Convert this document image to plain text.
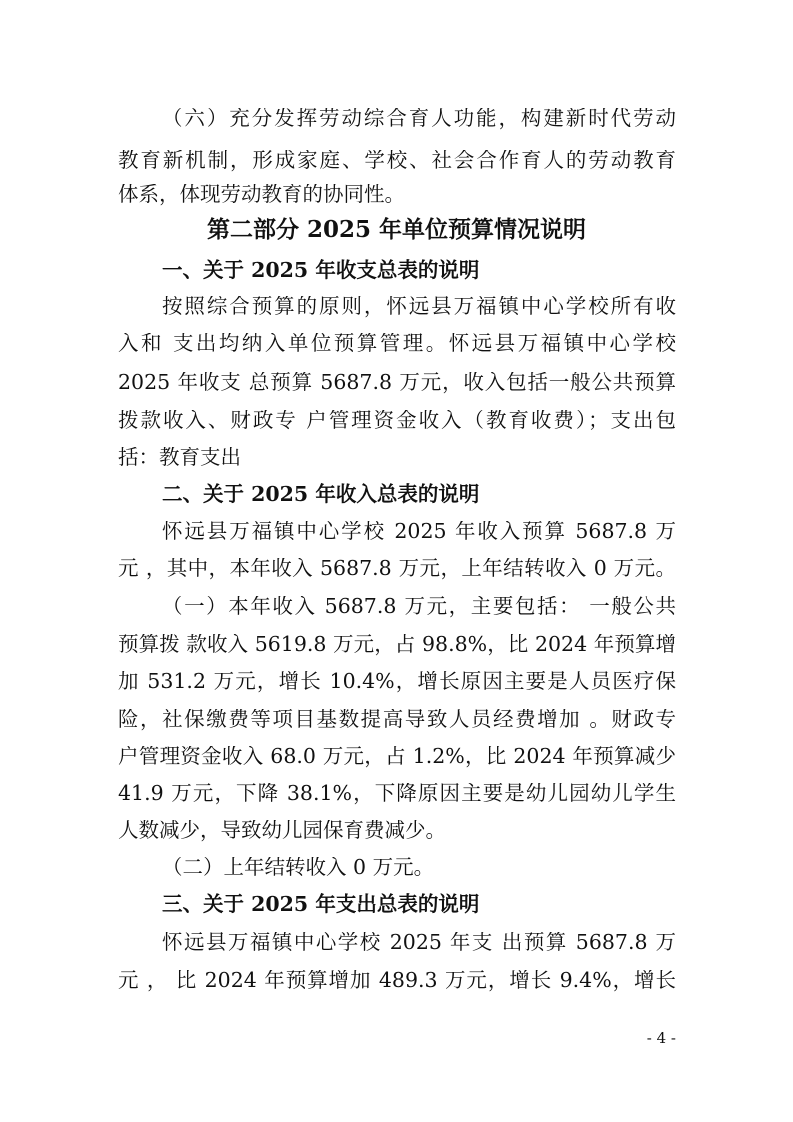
（六）充分发挥劳动综合育人功能，构建新时代劳动
教育新机制，形成家庭、学校、社会合作育人的劳动教育
体系，体现劳动教育的协同性。
第二部分 2025 年单位预算情况说明
一、关于 2025 年收支总表的说明
按照综合预算的原则，怀远县万福镇中心学校所有收
入和 支出均纳入单位预算管理。怀远县万福镇中心学校
2025 年收支 总预算 5687.8 万元，收入包括一般公共预算
拨款收入、财政专 户管理资金收入（教育收费）；支出包
括：教育支出
二、关于 2025 年收入总表的说明
怀远县万福镇中心学校 2025 年收入预算 5687.8 万
元 ，其中，本年收入 5687.8 万元，上年结转收入 0 万元。
（一）本年收入 5687.8 万元，主要包括： 一般公共
预算拨 款收入 5619.8 万元，占 98.8%，比 2024 年预算增
加 531.2 万元，增长 10.4%，增长原因主要是人员医疗保
险，社保缴费等项目基数提高导致人员经费增加 。财政专
户管理资金收入 68.0 万元，占 1.2%，比 2024 年预算减少
41.9 万元，下降 38.1%，下降原因主要是幼儿园幼儿学生
人数减少，导致幼儿园保育费减少。
（二）上年结转收入 0 万元。
三、关于 2025 年支出总表的说明
怀远县万福镇中心学校 2025 年支 出预算 5687.8 万
元 ， 比 2024 年预算增加 489.3 万元，增长 9.4%，增长
- 4 -
